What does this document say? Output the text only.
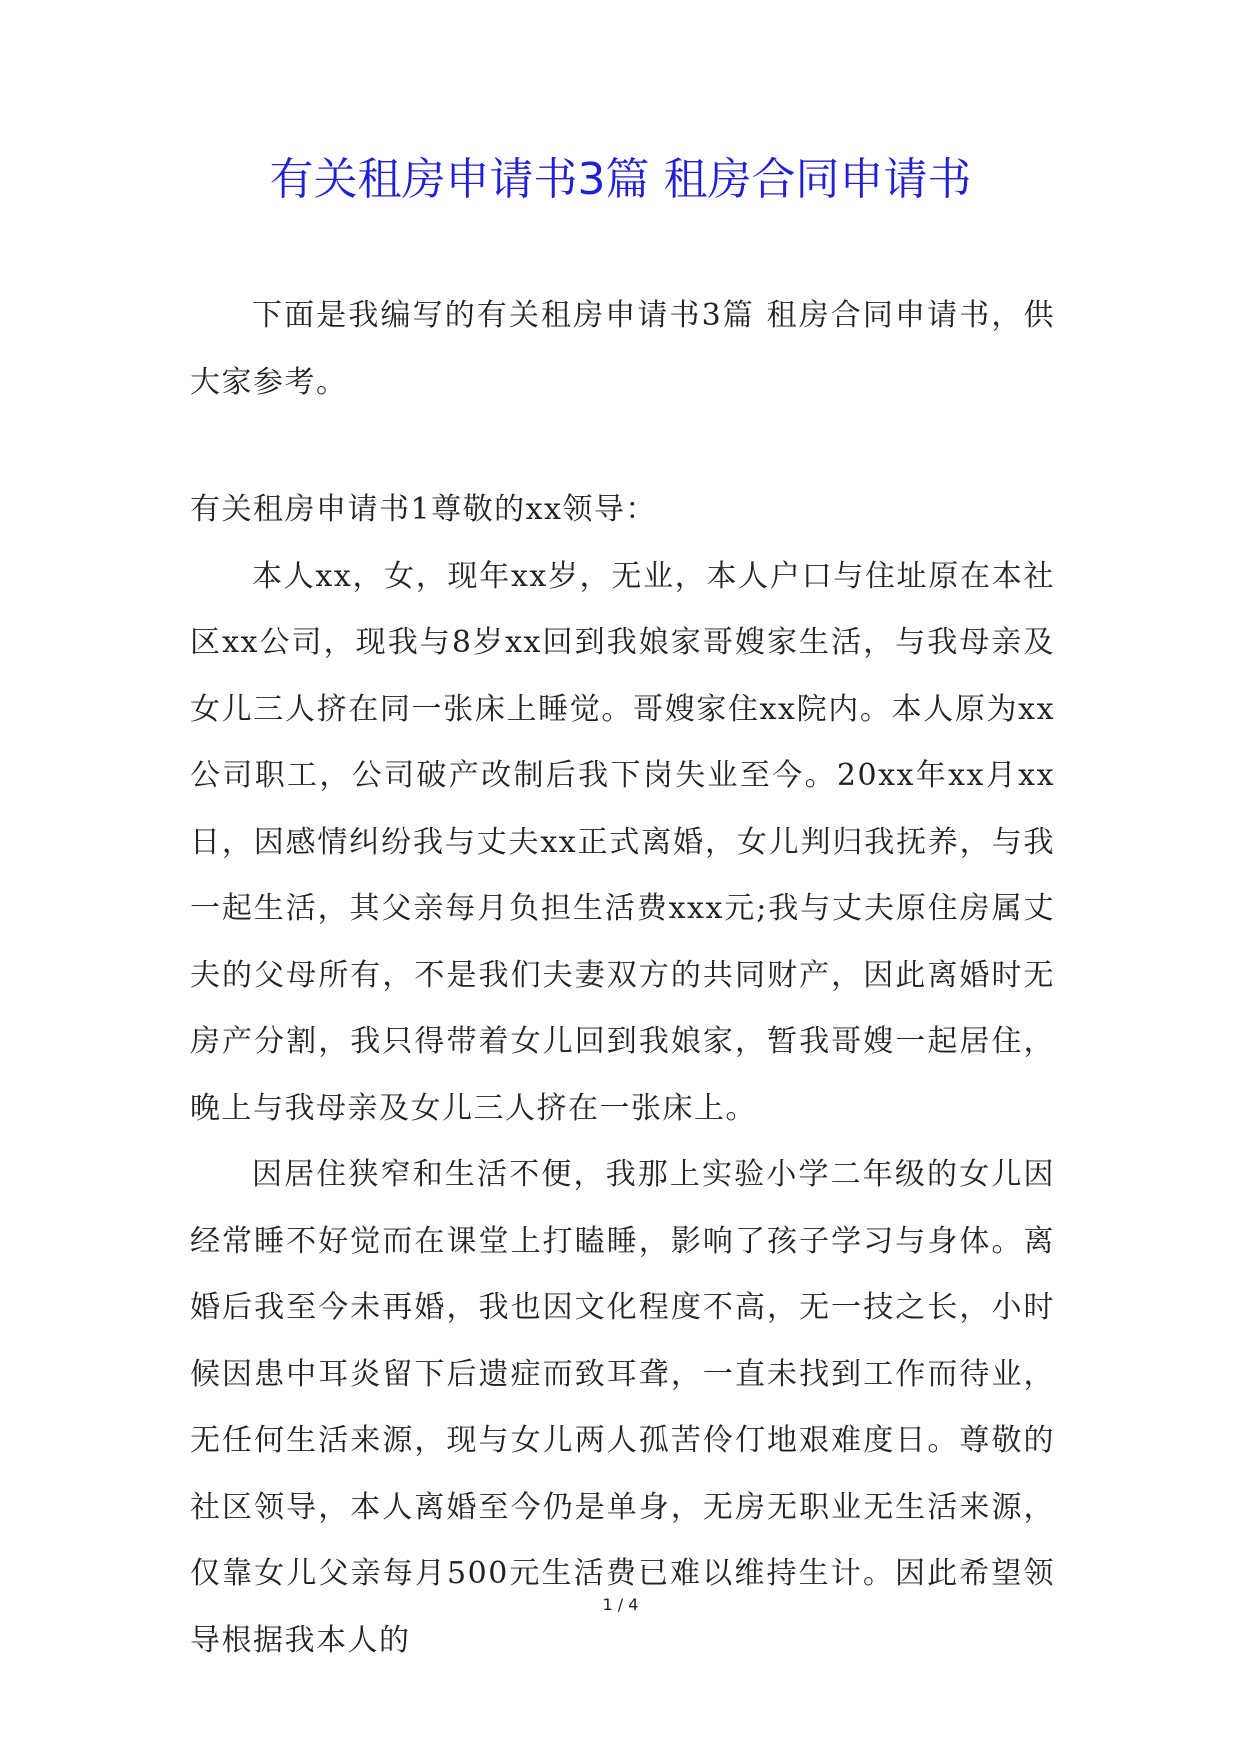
有关租房申请书3篇 租房合同申请书

下面是我编写的有关租房申请书3篇 租房合同申请书，供大家参考。

有关租房申请书1尊敬的xx领导：

本人xx，女，现年xx岁，无业，本人户口与住址原在本社区xx公司，现我与8岁xx回到我娘家哥嫂家生活，与我母亲及女儿三人挤在同一张床上睡觉。哥嫂家住xx院内。本人原为xx公司职工，公司破产改制后我下岗失业至今。20xx年xx月xx日，因感情纠纷我与丈夫xx正式离婚，女儿判归我抚养，与我一起生活，其父亲每月负担生活费xxx元;我与丈夫原住房属丈夫的父母所有，不是我们夫妻双方的共同财产，因此离婚时无房产分割，我只得带着女儿回到我娘家，暂我哥嫂一起居住，晚上与我母亲及女儿三人挤在一张床上。

因居住狭窄和生活不便，我那上实验小学二年级的女儿因经常睡不好觉而在课堂上打瞌睡，影响了孩子学习与身体。离婚后我至今未再婚，我也因文化程度不高，无一技之长，小时候因患中耳炎留下后遗症而致耳聋，一直未找到工作而待业，无任何生活来源，现与女儿两人孤苦伶仃地艰难度日。尊敬的社区领导，本人离婚至今仍是单身，无房无职业无生活来源，仅靠女儿父亲每月500元生活费已难以维持生计。因此希望领导根据我本人的

1 / 4
